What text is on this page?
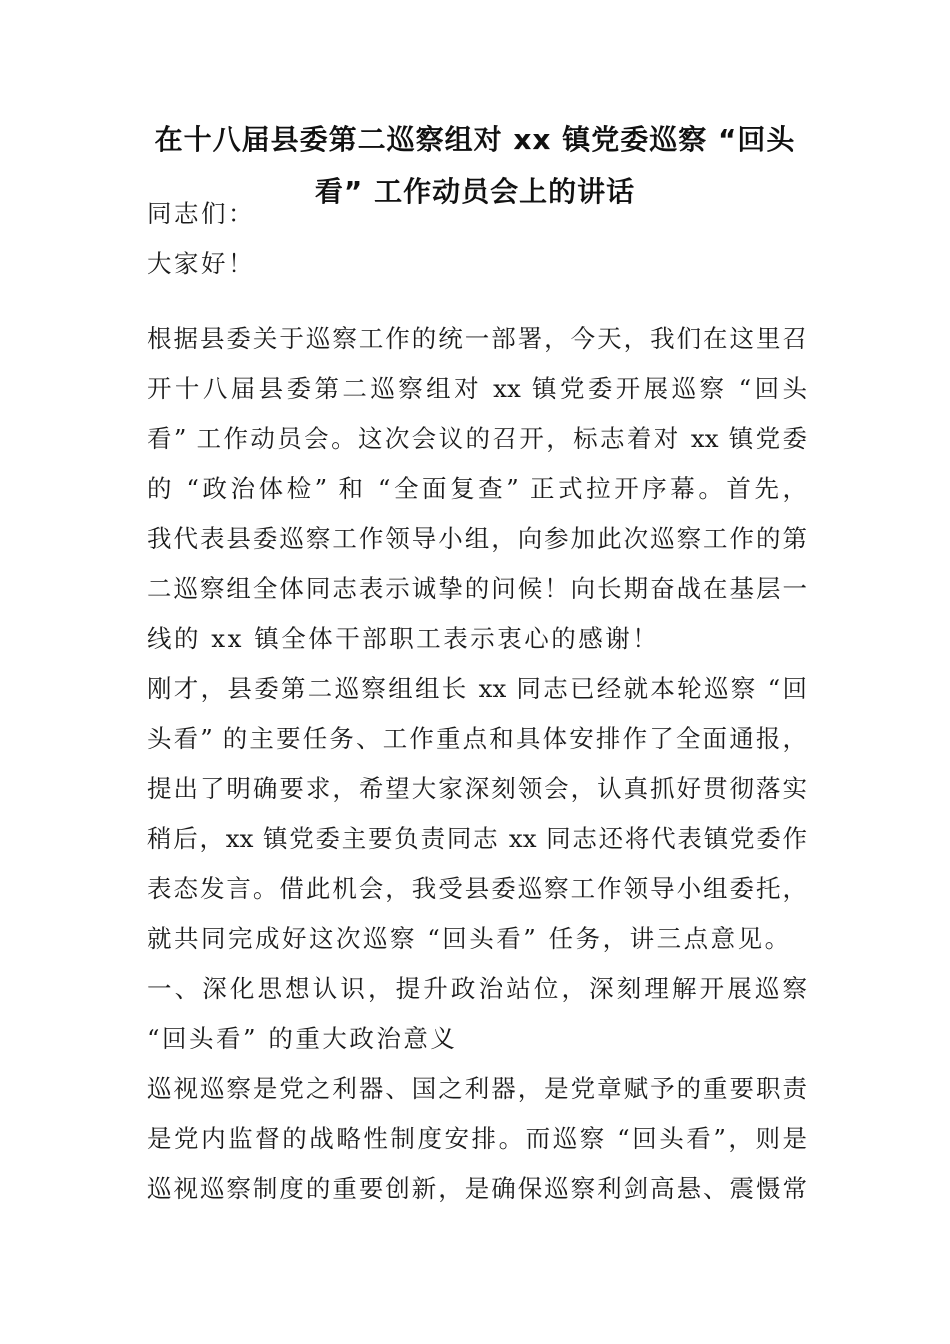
在十八届县委第二巡察组对 xx 镇党委巡察 “回头
看” 工作动员会上的讲话
同志们：
大家好！
根据县委关于巡察工作的统一部署，今天，我们在这里召
开十八届县委第二巡察组对 xx 镇党委开展巡察 “回头
看” 工作动员会。这次会议的召开，标志着对 xx 镇党委
的 “政治体检” 和 “全面复查” 正式拉开序幕。首先，
我代表县委巡察工作领导小组，向参加此次巡察工作的第
二巡察组全体同志表示诚挚的问候！向长期奋战在基层一
线的 xx 镇全体干部职工表示衷心的感谢！
刚才，县委第二巡察组组长 xx 同志已经就本轮巡察 “回
头看” 的主要任务、工作重点和具体安排作了全面通报，
提出了明确要求，希望大家深刻领会，认真抓好贯彻落实
稍后，xx 镇党委主要负责同志 xx 同志还将代表镇党委作
表态发言。借此机会，我受县委巡察工作领导小组委托，
就共同完成好这次巡察 “回头看” 任务，讲三点意见。
一、深化思想认识，提升政治站位，深刻理解开展巡察
“回头看” 的重大政治意义
巡视巡察是党之利器、国之利器，是党章赋予的重要职责
是党内监督的战略性制度安排。而巡察 “回头看”，则是
巡视巡察制度的重要创新，是确保巡察利剑高悬、震慑常
